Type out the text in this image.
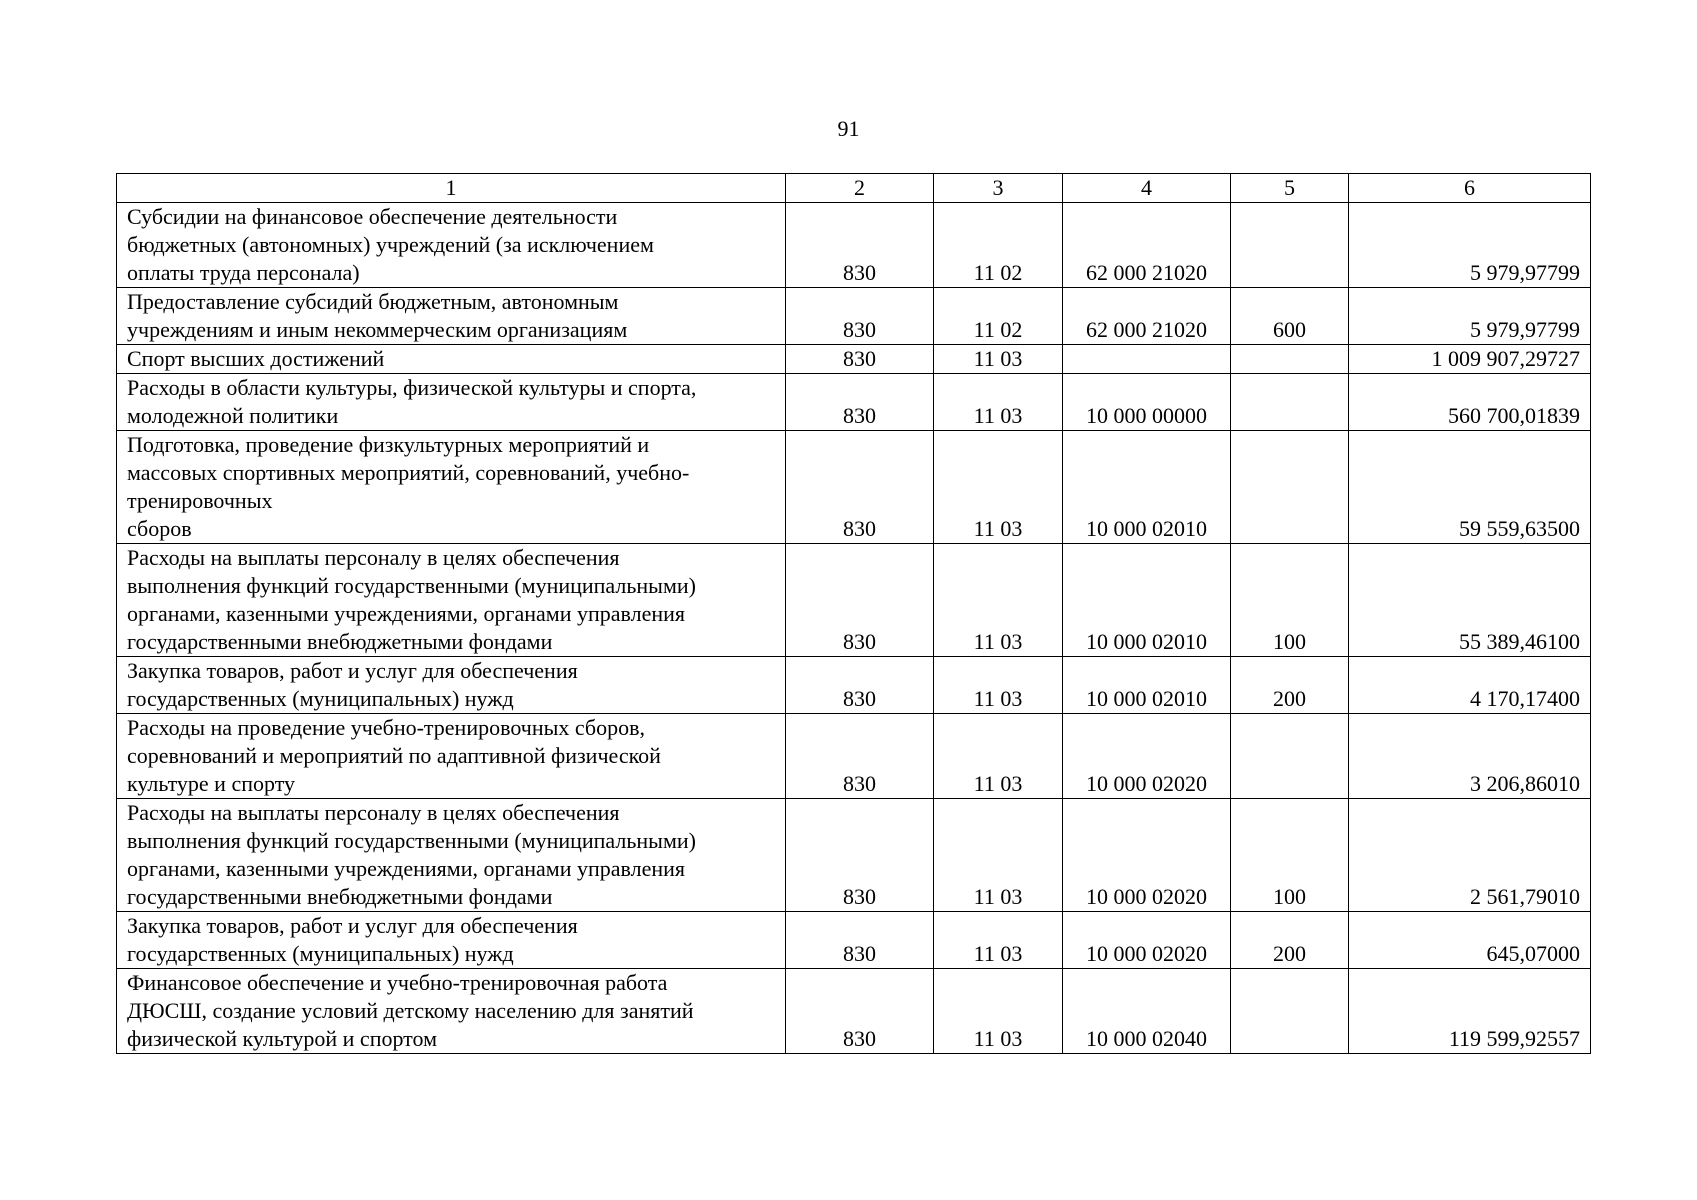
91
1	2	3	4	5	6

Субсидии на финансовое обеспечение деятельности
бюджетных (автономных) учреждений (за исключением
оплаты труда персонала)	830	11 02	62 000 21020		5 979,97799

Предоставление субсидий бюджетным, автономным
учреждениям и иным некоммерческим организациям	830	11 02	62 000 21020	600	5 979,97799

Спорт высших достижений	830	11 03			1 009 907,29727

Расходы в области культуры, физической культуры и спорта,
молодежной политики	830	11 03	10 000 00000		560 700,01839

Подготовка, проведение физкультурных мероприятий и
массовых спортивных мероприятий, соревнований, учебно-тренировочных
сборов	830	11 03	10 000 02010		59 559,63500

Расходы на выплаты персоналу в целях обеспечения
выполнения функций государственными (муниципальными)
органами, казенными учреждениями, органами управления
государственными внебюджетными фондами	830	11 03	10 000 02010	100	55 389,46100

Закупка товаров, работ и услуг для обеспечения
государственных (муниципальных) нужд	830	11 03	10 000 02010	200	4 170,17400

Расходы на проведение учебно-тренировочных сборов,
соревнований и мероприятий по адаптивной физической
культуре и спорту	830	11 03	10 000 02020		3 206,86010

Расходы на выплаты персоналу в целях обеспечения
выполнения функций государственными (муниципальными)
органами, казенными учреждениями, органами управления
государственными внебюджетными фондами	830	11 03	10 000 02020	100	2 561,79010

Закупка товаров, работ и услуг для обеспечения
государственных (муниципальных) нужд	830	11 03	10 000 02020	200	645,07000

Финансовое обеспечение и учебно-тренировочная работа
ДЮСШ, создание условий детскому населению для занятий
физической культурой и спортом	830	11 03	10 000 02040		119 599,92557
